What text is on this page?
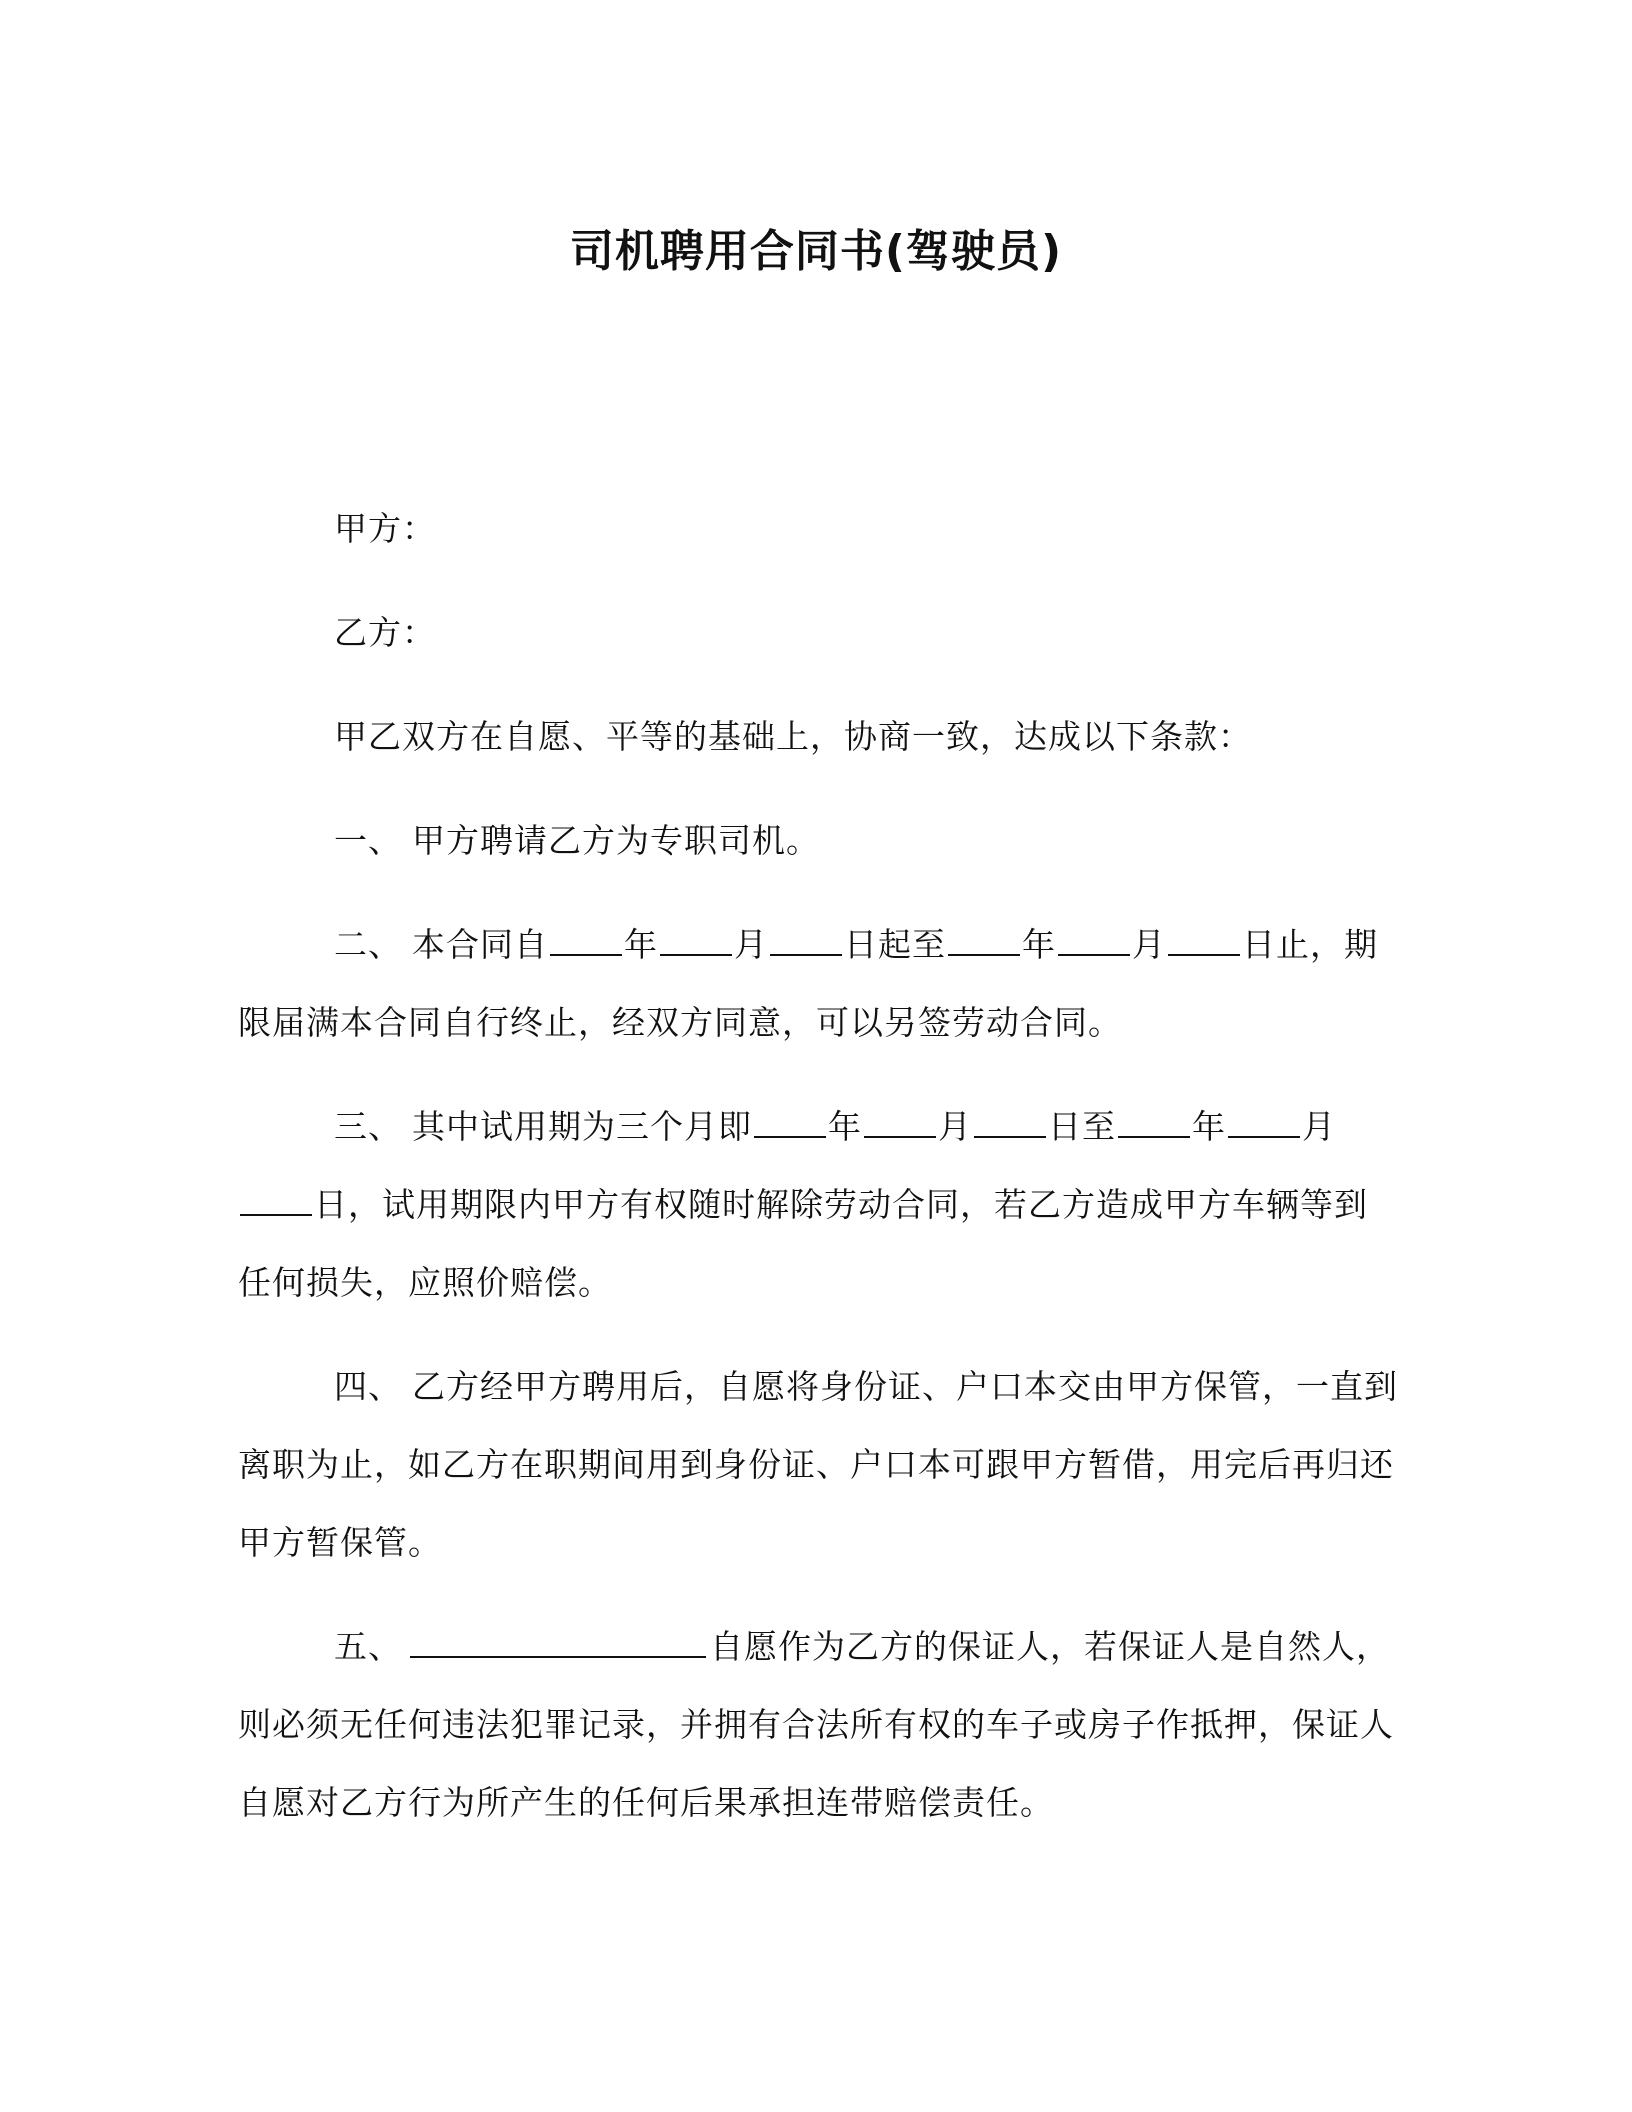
司机聘用合同书(驾驶员)

甲方：

乙方：

甲乙双方在自愿、平等的基础上，协商一致，达成以下条款：

一、 甲方聘请乙方为专职司机。

二、 本合同自 年 月 日起至 年 月 日止，期限届满本合同自行终止，经双方同意，可以另签劳动合同。

三、 其中试用期为三个月即 年 月 日至 年 月日，试用期限内甲方有权随时解除劳动合同，若乙方造成甲方车辆等到任何损失，应照价赔偿。

四、 乙方经甲方聘用后，自愿将身份证、户口本交由甲方保管，一直到离职为止，如乙方在职期间用到身份证、户口本可跟甲方暂借，用完后再归还甲方暂保管。

五、	自愿作为乙方的保证人，若保证人是自然人，则必须无任何违法犯罪记录，并拥有合法所有权的车子或房子作抵押，保证人自愿对乙方行为所产生的任何后果承担连带赔偿责任。
